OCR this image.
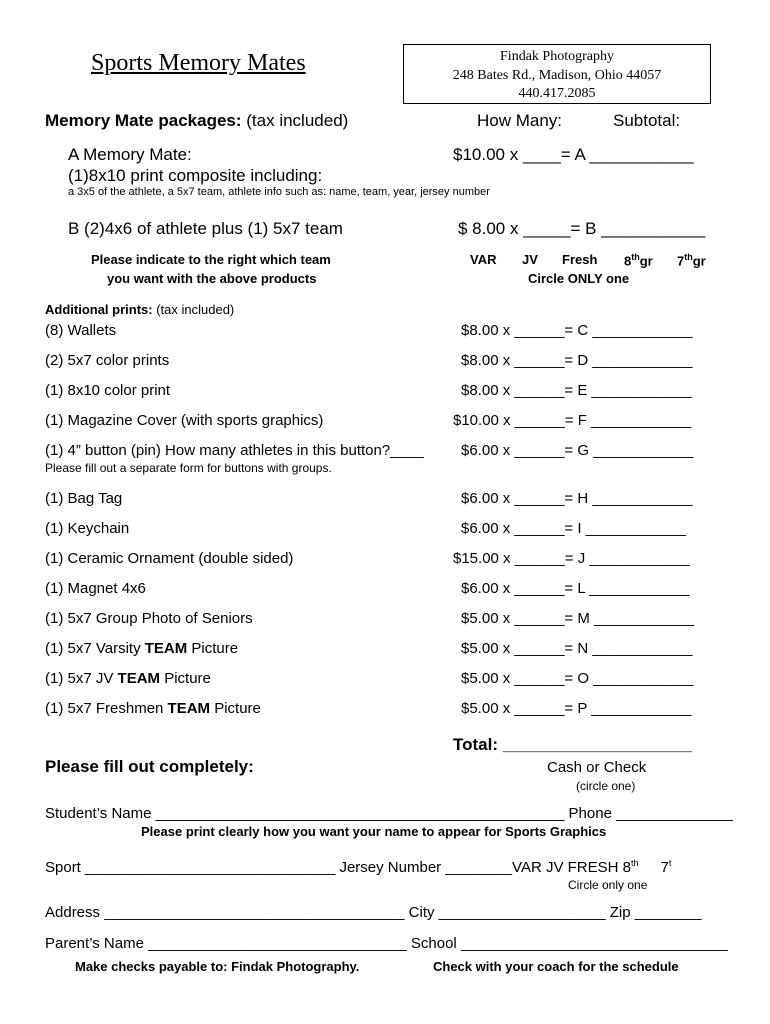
Sports Memory Mates	Findak Photography
248 Bates Rd., Madison, Ohio 44057
440.417.2085
Memory Mate packages: (tax included)	How Many:	Subtotal:
A Memory Mate:	$10.00 x ____= A ___________
(1)8x10 print composite including:
a 3x5 of the athlete, a 5x7 team, athlete info such as: name, team, year, jersey number
B (2)4x6 of athlete plus (1) 5x7 team	$ 8.00 x _____= B ___________
Please indicate to the right which team
you want with the above products
VAR JV Fresh 8thgr 7thgr
Circle ONLY one
Additional prints: (tax included)
(8) Wallets	$8.00 x ______= C ____________
(2) 5x7 color prints	$8.00 x ______= D ____________
(1) 8x10 color print	$8.00 x ______= E ____________
(1) Magazine Cover (with sports graphics)	$10.00 x ______= F ____________
(1) 4” button (pin) How many athletes in this button?____ $6.00 x ______= G ____________
(1) Bag Tag	$6.00 x ______= H ____________
(1) Keychain	$6.00 x ______= I ____________
(1) Ceramic Ornament (double sided)	$15.00 x ______= J ____________
(1) Magnet 4x6	$6.00 x ______= L ____________
(1) 5x7 Group Photo of Seniors	$5.00 x ______= M ____________
(1) 5x7 Varsity TEAM Picture	$5.00 x ______= N ____________
(1) 5x7 JV TEAM Picture	$5.00 x ______= O ____________
(1) 5x7 Freshmen TEAM Picture	$5.00 x ______= P ____________
Please fill out a separate form for buttons with groups.
Total: ____________________
Please fill out completely:	Cash or Check
(circle one)
Student’s Name _________________________________________________ Phone ______________
Please print clearly how you want your name to appear for Sports Graphics
Sport ______________________________ Jersey Number ________VAR JV FRESH 8th 7$^t$
Circle only one
Address ____________________________________ City ____________________ Zip ________
Parent’s Name _______________________________ School ________________________________
Make checks payable to: Findak Photography.	Check with your coach for the schedule
